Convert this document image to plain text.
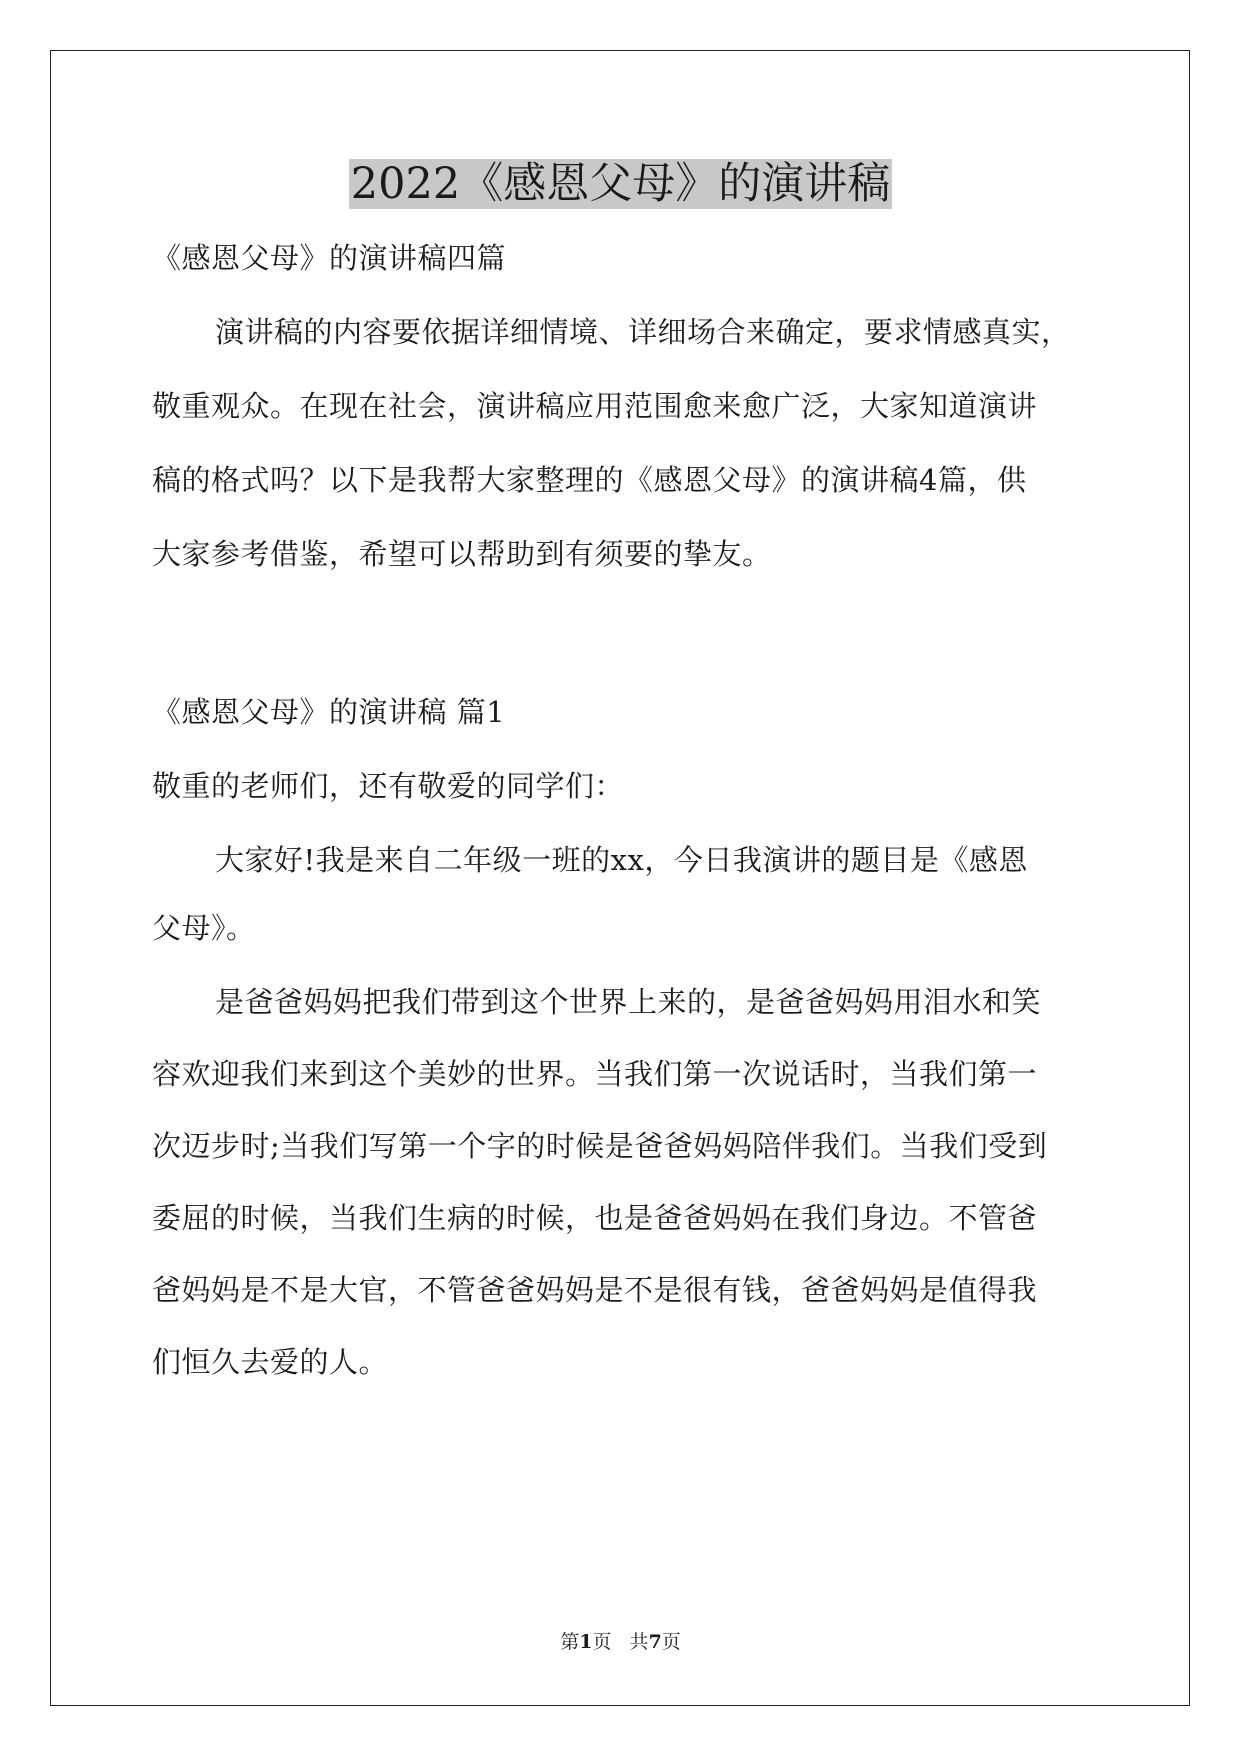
2022《感恩父母》的演讲稿
《感恩父母》的演讲稿四篇
演讲稿的内容要依据详细情境、详细场合来确定，要求情感真实，
敬重观众。在现在社会，演讲稿应用范围愈来愈广泛，大家知道演讲
稿的格式吗？以下是我帮大家整理的《感恩父母》的演讲稿4篇，供
大家参考借鉴，希望可以帮助到有须要的挚友。
《感恩父母》的演讲稿 篇1
敬重的老师们，还有敬爱的同学们：
大家好!我是来自二年级一班的xx，今日我演讲的题目是《感恩
父母》。
是爸爸妈妈把我们带到这个世界上来的，是爸爸妈妈用泪水和笑
容欢迎我们来到这个美妙的世界。当我们第一次说话时，当我们第一
次迈步时;当我们写第一个字的时候是爸爸妈妈陪伴我们。当我们受到
委屈的时候，当我们生病的时候，也是爸爸妈妈在我们身边。不管爸
爸妈妈是不是大官，不管爸爸妈妈是不是很有钱，爸爸妈妈是值得我
们恒久去爱的人。
第1页   共7页
